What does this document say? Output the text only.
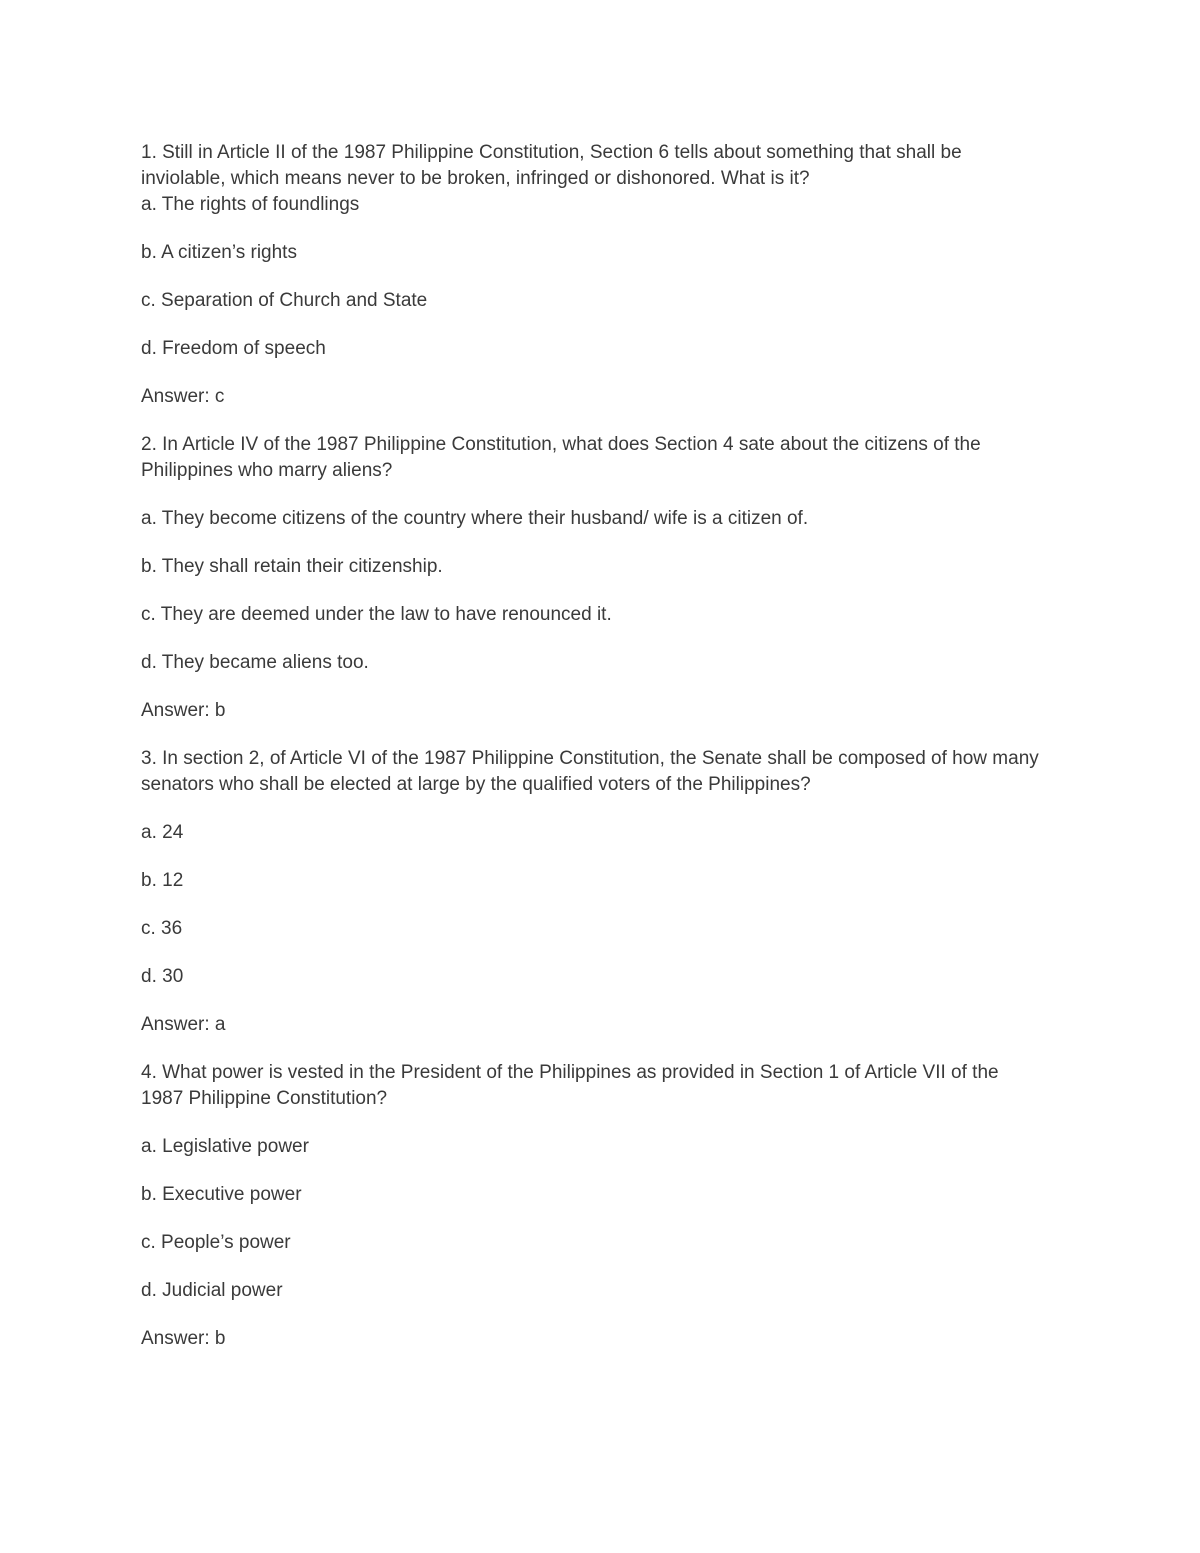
1. Still in Article II of the 1987 Philippine Constitution, Section 6 tells about something that shall be inviolable, which means never to be broken, infringed or dishonored. What is it?

a. The rights of foundlings

b. A citizen’s rights

c. Separation of Church and State

d. Freedom of speech

Answer: c

2. In Article IV of the 1987 Philippine Constitution, what does Section 4 sate about the citizens of the Philippines who marry aliens?

a. They become citizens of the country where their husband/ wife is a citizen of.

b. They shall retain their citizenship.

c. They are deemed under the law to have renounced it.

d. They became aliens too.

Answer: b

3. In section 2, of Article VI of the 1987 Philippine Constitution, the Senate shall be composed of how many senators who shall be elected at large by the qualified voters of the Philippines?

a. 24

b. 12

c. 36

d. 30

Answer: a

4. What power is vested in the President of the Philippines as provided in Section 1 of Article VII of the 1987 Philippine Constitution?

a. Legislative power

b. Executive power

c. People’s power

d. Judicial power

Answer: b
